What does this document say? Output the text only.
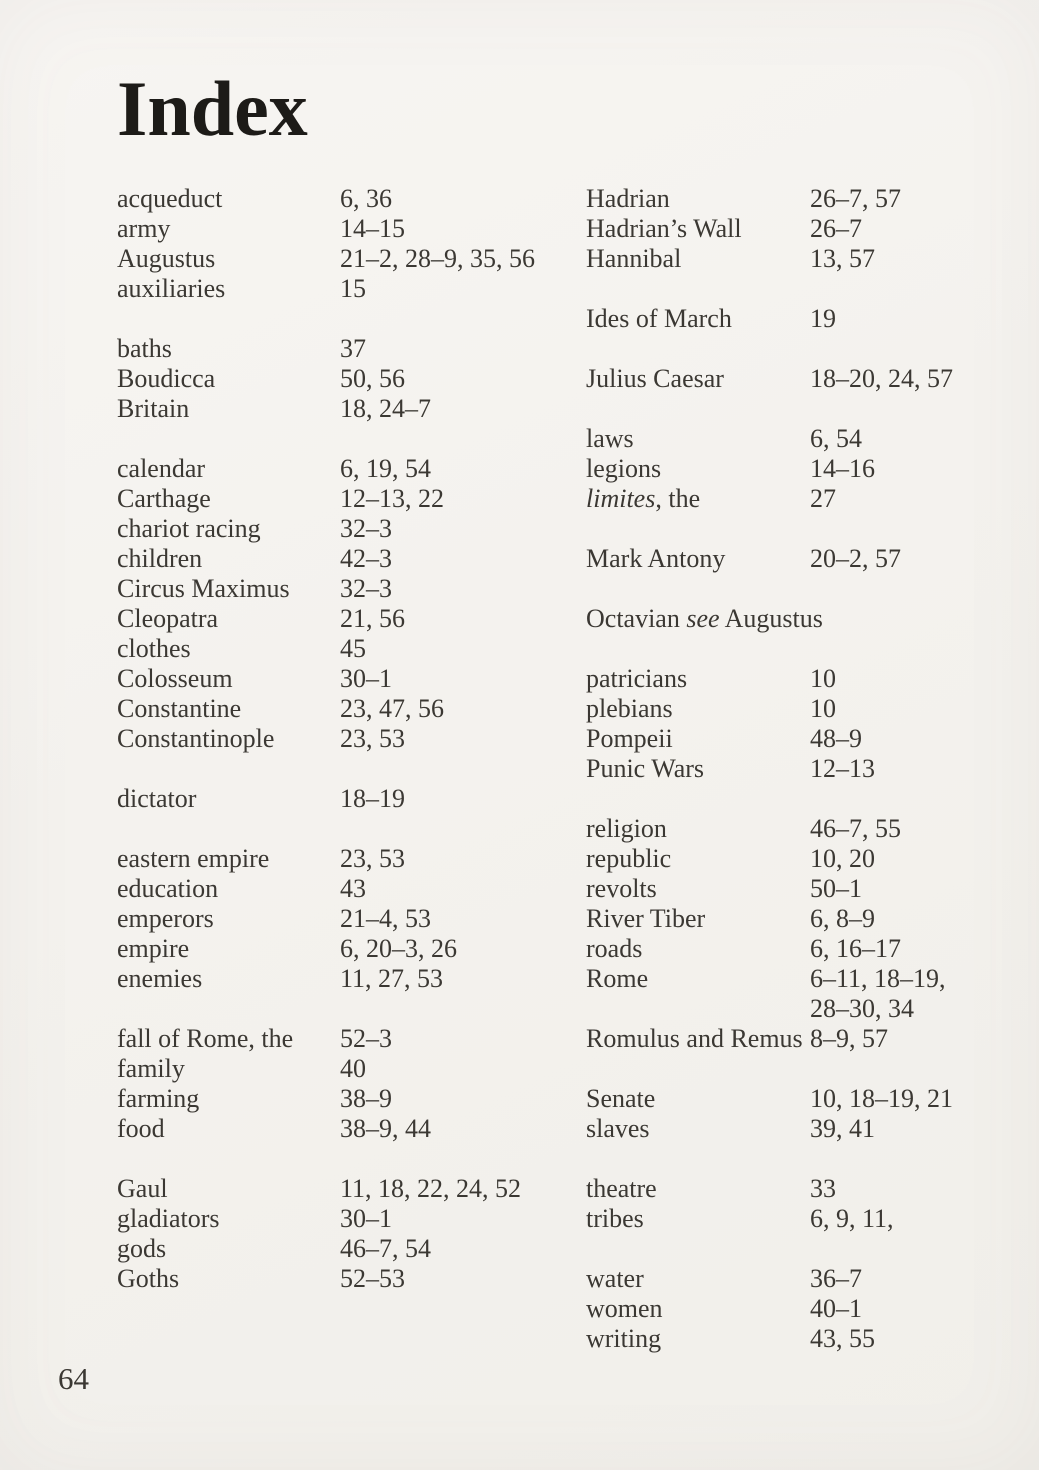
Index
acqueduct	6, 36
army	14–15
Augustus	21–2, 28–9, 35, 56
auxiliaries	15
baths	37
Boudicca	50, 56
Britain	18, 24–7
calendar	6, 19, 54
Carthage	12–13, 22
chariot racing	32–3
children	42–3
Circus Maximus	32–3
Cleopatra	21, 56
clothes	45
Colosseum	30–1
Constantine	23, 47, 56
Constantinople	23, 53
dictator	18–19
eastern empire	23, 53
education	43
emperors	21–4, 53
empire	6, 20–3, 26
enemies	11, 27, 53
fall of Rome, the	52–3
family	40
farming	38–9
food	38–9, 44
Gaul	11, 18, 22, 24, 52
gladiators	30–1
gods	46–7, 54
Goths	52–53
Hadrian	26–7, 57
Hadrian’s Wall	26–7
Hannibal	13, 57
Ides of March	19
Julius Caesar	18–20, 24, 57
laws	6, 54
legions	14–16
limites, the	27
Mark Antony	20–2, 57
Octavian see Augustus
patricians	10
plebians	10
Pompeii	48–9
Punic Wars	12–13
religion	46–7, 55
republic	10, 20
revolts	50–1
River Tiber	6, 8–9
roads	6, 16–17
Rome	6–11, 18–19,
28–30, 34
Romulus and Remus 8–9, 57
Senate	10, 18–19, 21
slaves	39, 41
theatre	33
tribes	6, 9, 11,
water	36–7
women	40–1
writing	43, 55
64
